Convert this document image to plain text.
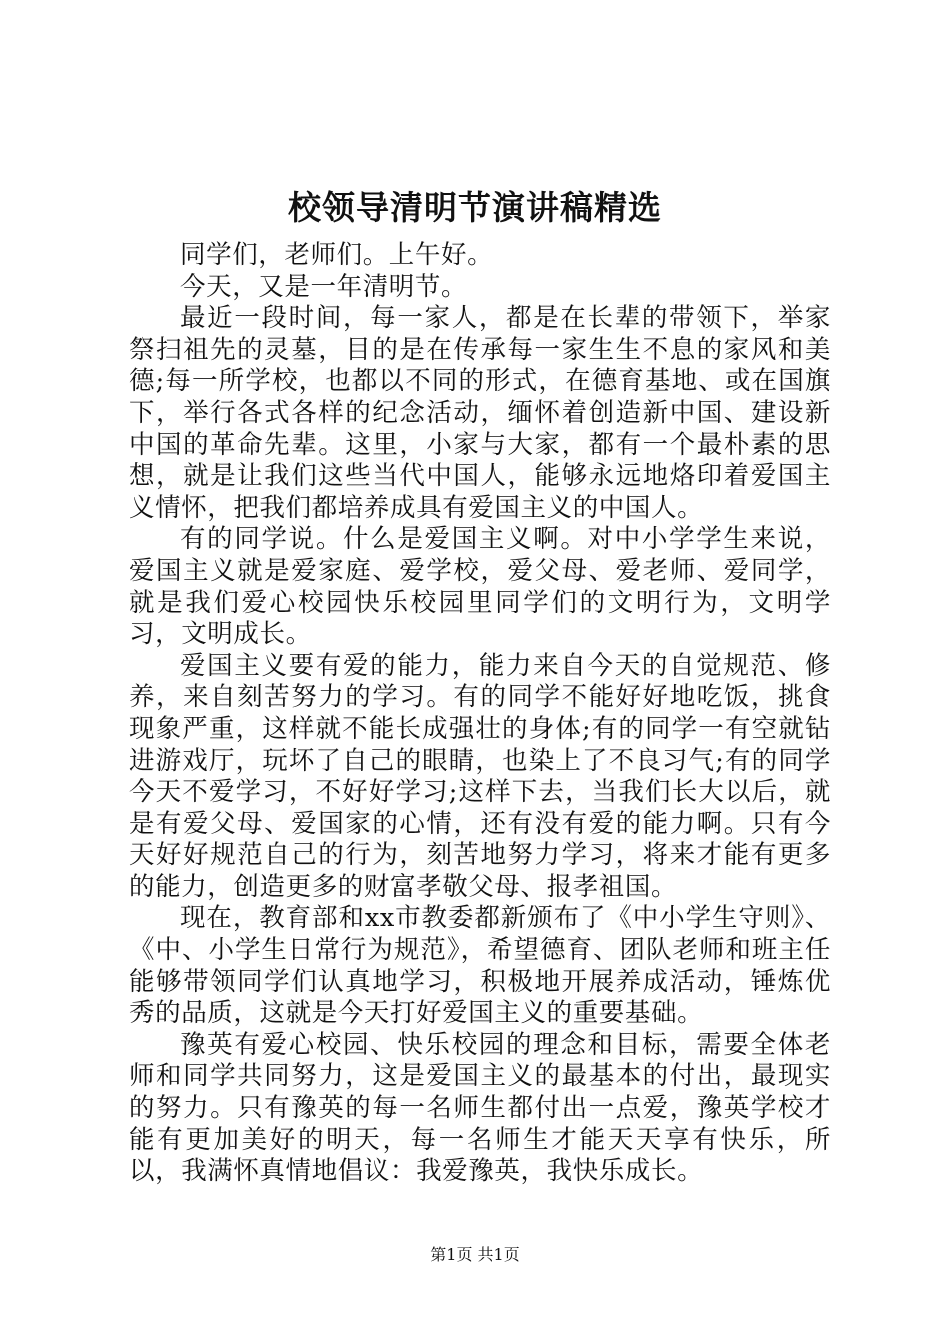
校领导清明节演讲稿精选

同学们，老师们。上午好。

今天，又是一年清明节。

最近一段时间，每一家人，都是在长辈的带领下，举家祭扫祖先的灵墓，目的是在传承每一家生生不息的家风和美德;每一所学校，也都以不同的形式，在德育基地、或在国旗下，举行各式各样的纪念活动，缅怀着创造新中国、建设新中国的革命先辈。这里，小家与大家，都有一个最朴素的思想，就是让我们这些当代中国人，能够永远地烙印着爱国主义情怀，把我们都培养成具有爱国主义的中国人。

有的同学说。什么是爱国主义啊。对中小学学生来说，爱国主义就是爱家庭、爱学校，爱父母、爱老师、爱同学，就是我们爱心校园快乐校园里同学们的文明行为，文明学习，文明成长。

爱国主义要有爱的能力，能力来自今天的自觉规范、修养，来自刻苦努力的学习。有的同学不能好好地吃饭，挑食现象严重，这样就不能长成强壮的身体;有的同学一有空就钻进游戏厅，玩坏了自己的眼睛，也染上了不良习气;有的同学今天不爱学习，不好好学习;这样下去，当我们长大以后，就是有爱父母、爱国家的心情，还有没有爱的能力啊。只有今天好好规范自己的行为，刻苦地努力学习，将来才能有更多的能力，创造更多的财富孝敬父母、报孝祖国。

现在，教育部和xx市教委都新颁布了《中小学生守则》、《中、小学生日常行为规范》，希望德育、团队老师和班主任能够带领同学们认真地学习，积极地开展养成活动，锤炼优秀的品质，这就是今天打好爱国主义的重要基础。

豫英有爱心校园、快乐校园的理念和目标，需要全体老师和同学共同努力，这是爱国主义的最基本的付出，最现实的努力。只有豫英的每一名师生都付出一点爱，豫英学校才能有更加美好的明天，每一名师生才能天天享有快乐，所以，我满怀真情地倡议：我爱豫英，我快乐成长。

第1页 共1页
